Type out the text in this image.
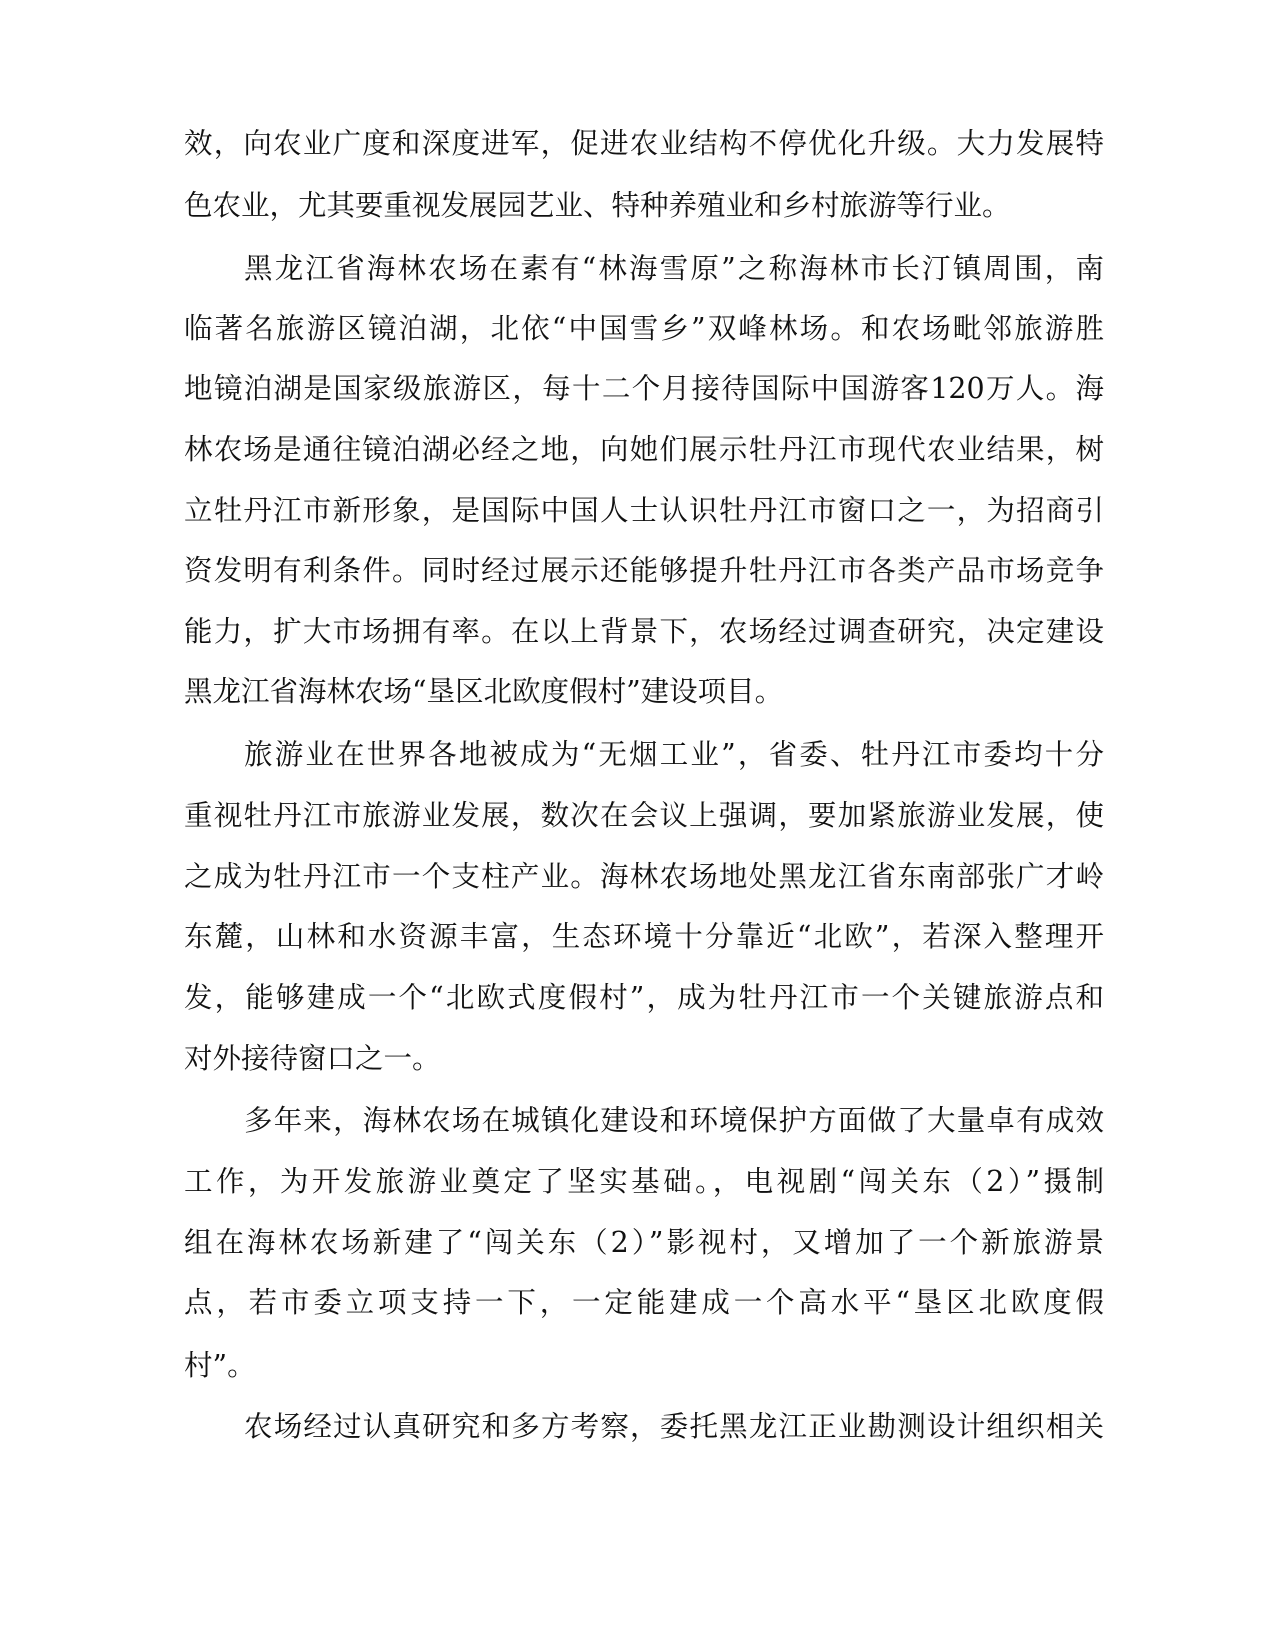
效，向农业广度和深度进军，促进农业结构不停优化升级。大力发展特
色农业，尤其要重视发展园艺业、特种养殖业和乡村旅游等行业。
黑龙江省海林农场在素有“林海雪原”之称海林市长汀镇周围，南
临著名旅游区镜泊湖，北依“中国雪乡”双峰林场。和农场毗邻旅游胜
地镜泊湖是国家级旅游区，每十二个月接待国际中国游客120万人。海
林农场是通往镜泊湖必经之地，向她们展示牡丹江市现代农业结果，树
立牡丹江市新形象，是国际中国人士认识牡丹江市窗口之一，为招商引
资发明有利条件。同时经过展示还能够提升牡丹江市各类产品市场竞争
能力，扩大市场拥有率。在以上背景下，农场经过调查研究，决定建设
黑龙江省海林农场“垦区北欧度假村”建设项目。
旅游业在世界各地被成为“无烟工业”，省委、牡丹江市委均十分
重视牡丹江市旅游业发展，数次在会议上强调，要加紧旅游业发展，使
之成为牡丹江市一个支柱产业。海林农场地处黑龙江省东南部张广才岭
东麓，山林和水资源丰富，生态环境十分靠近“北欧”，若深入整理开
发，能够建成一个“北欧式度假村”，成为牡丹江市一个关键旅游点和
对外接待窗口之一。
多年来，海林农场在城镇化建设和环境保护方面做了大量卓有成效
工作，为开发旅游业奠定了坚实基础。，电视剧“闯关东（2）”摄制
组在海林农场新建了“闯关东（2）”影视村，又增加了一个新旅游景
点，若市委立项支持一下，一定能建成一个高水平“垦区北欧度假
村”。
农场经过认真研究和多方考察，委托黑龙江正业勘测设计组织相关
